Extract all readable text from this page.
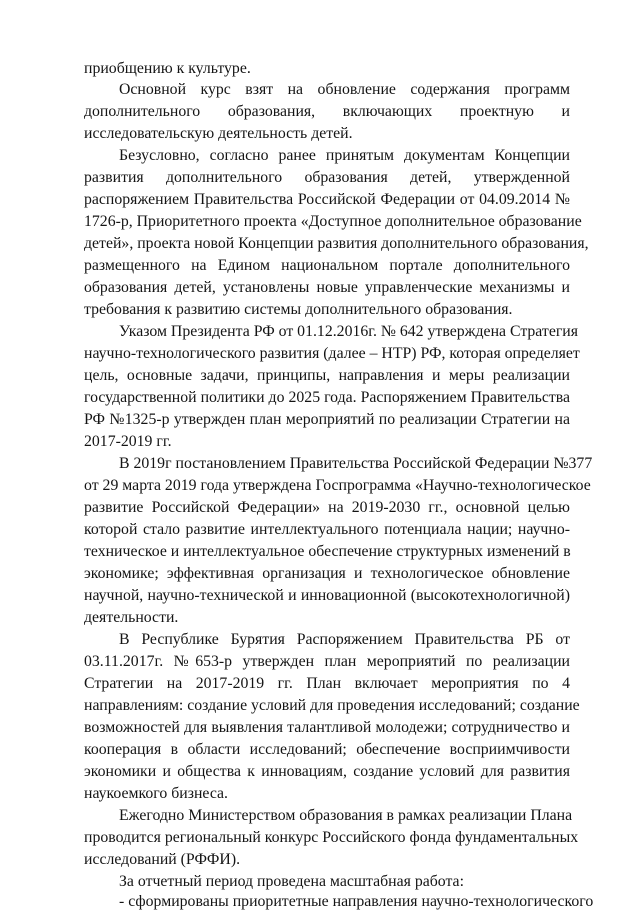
приобщению к культуре.
Основной курс взят на обновление содержания программ
дополнительного образования, включающих проектную и
исследовательскую деятельность детей.
Безусловно, согласно ранее принятым документам Концепции
развития дополнительного образования детей, утвержденной
распоряжением Правительства Российской Федерации от 04.09.2014 №
1726-р, Приоритетного проекта «Доступное дополнительное образование
детей», проекта новой Концепции развития дополнительного образования,
размещенного на Едином национальном портале дополнительного
образования детей, установлены новые управленческие механизмы и
требования к развитию системы дополнительного образования.
Указом Президента РФ от 01.12.2016г. № 642 утверждена Стратегия
научно-технологического развития (далее – НТР) РФ, которая определяет
цель, основные задачи, принципы, направления и меры реализации
государственной политики до 2025 года. Распоряжением Правительства
РФ №1325-р утвержден план мероприятий по реализации Стратегии на
2017-2019 гг.
В 2019г постановлением Правительства Российской Федерации №377
от 29 марта 2019 года утверждена Госпрограмма «Научно-технологическое
развитие Российской Федерации» на 2019-2030 гг., основной целью
которой стало развитие интеллектуального потенциала нации; научно-
техническое и интеллектуальное обеспечение структурных изменений в
экономике; эффективная организация и технологическое обновление
научной, научно-технической и инновационной (высокотехнологичной)
деятельности.
В Республике Бурятия Распоряжением Правительства РБ от
03.11.2017г. №653-р утвержден план мероприятий по реализации
Стратегии на 2017-2019 гг. План включает мероприятия по 4
направлениям: создание условий для проведения исследований; создание
возможностей для выявления талантливой молодежи; сотрудничество и
кооперация в области исследований; обеспечение восприимчивости
экономики и общества к инновациям, создание условий для развития
наукоемкого бизнеса.
Ежегодно Министерством образования в рамках реализации Плана
проводится региональный конкурс Российского фонда фундаментальных
исследований (РФФИ).
За отчетный период проведена масштабная работа:
- сформированы приоритетные направления научно-технологического
